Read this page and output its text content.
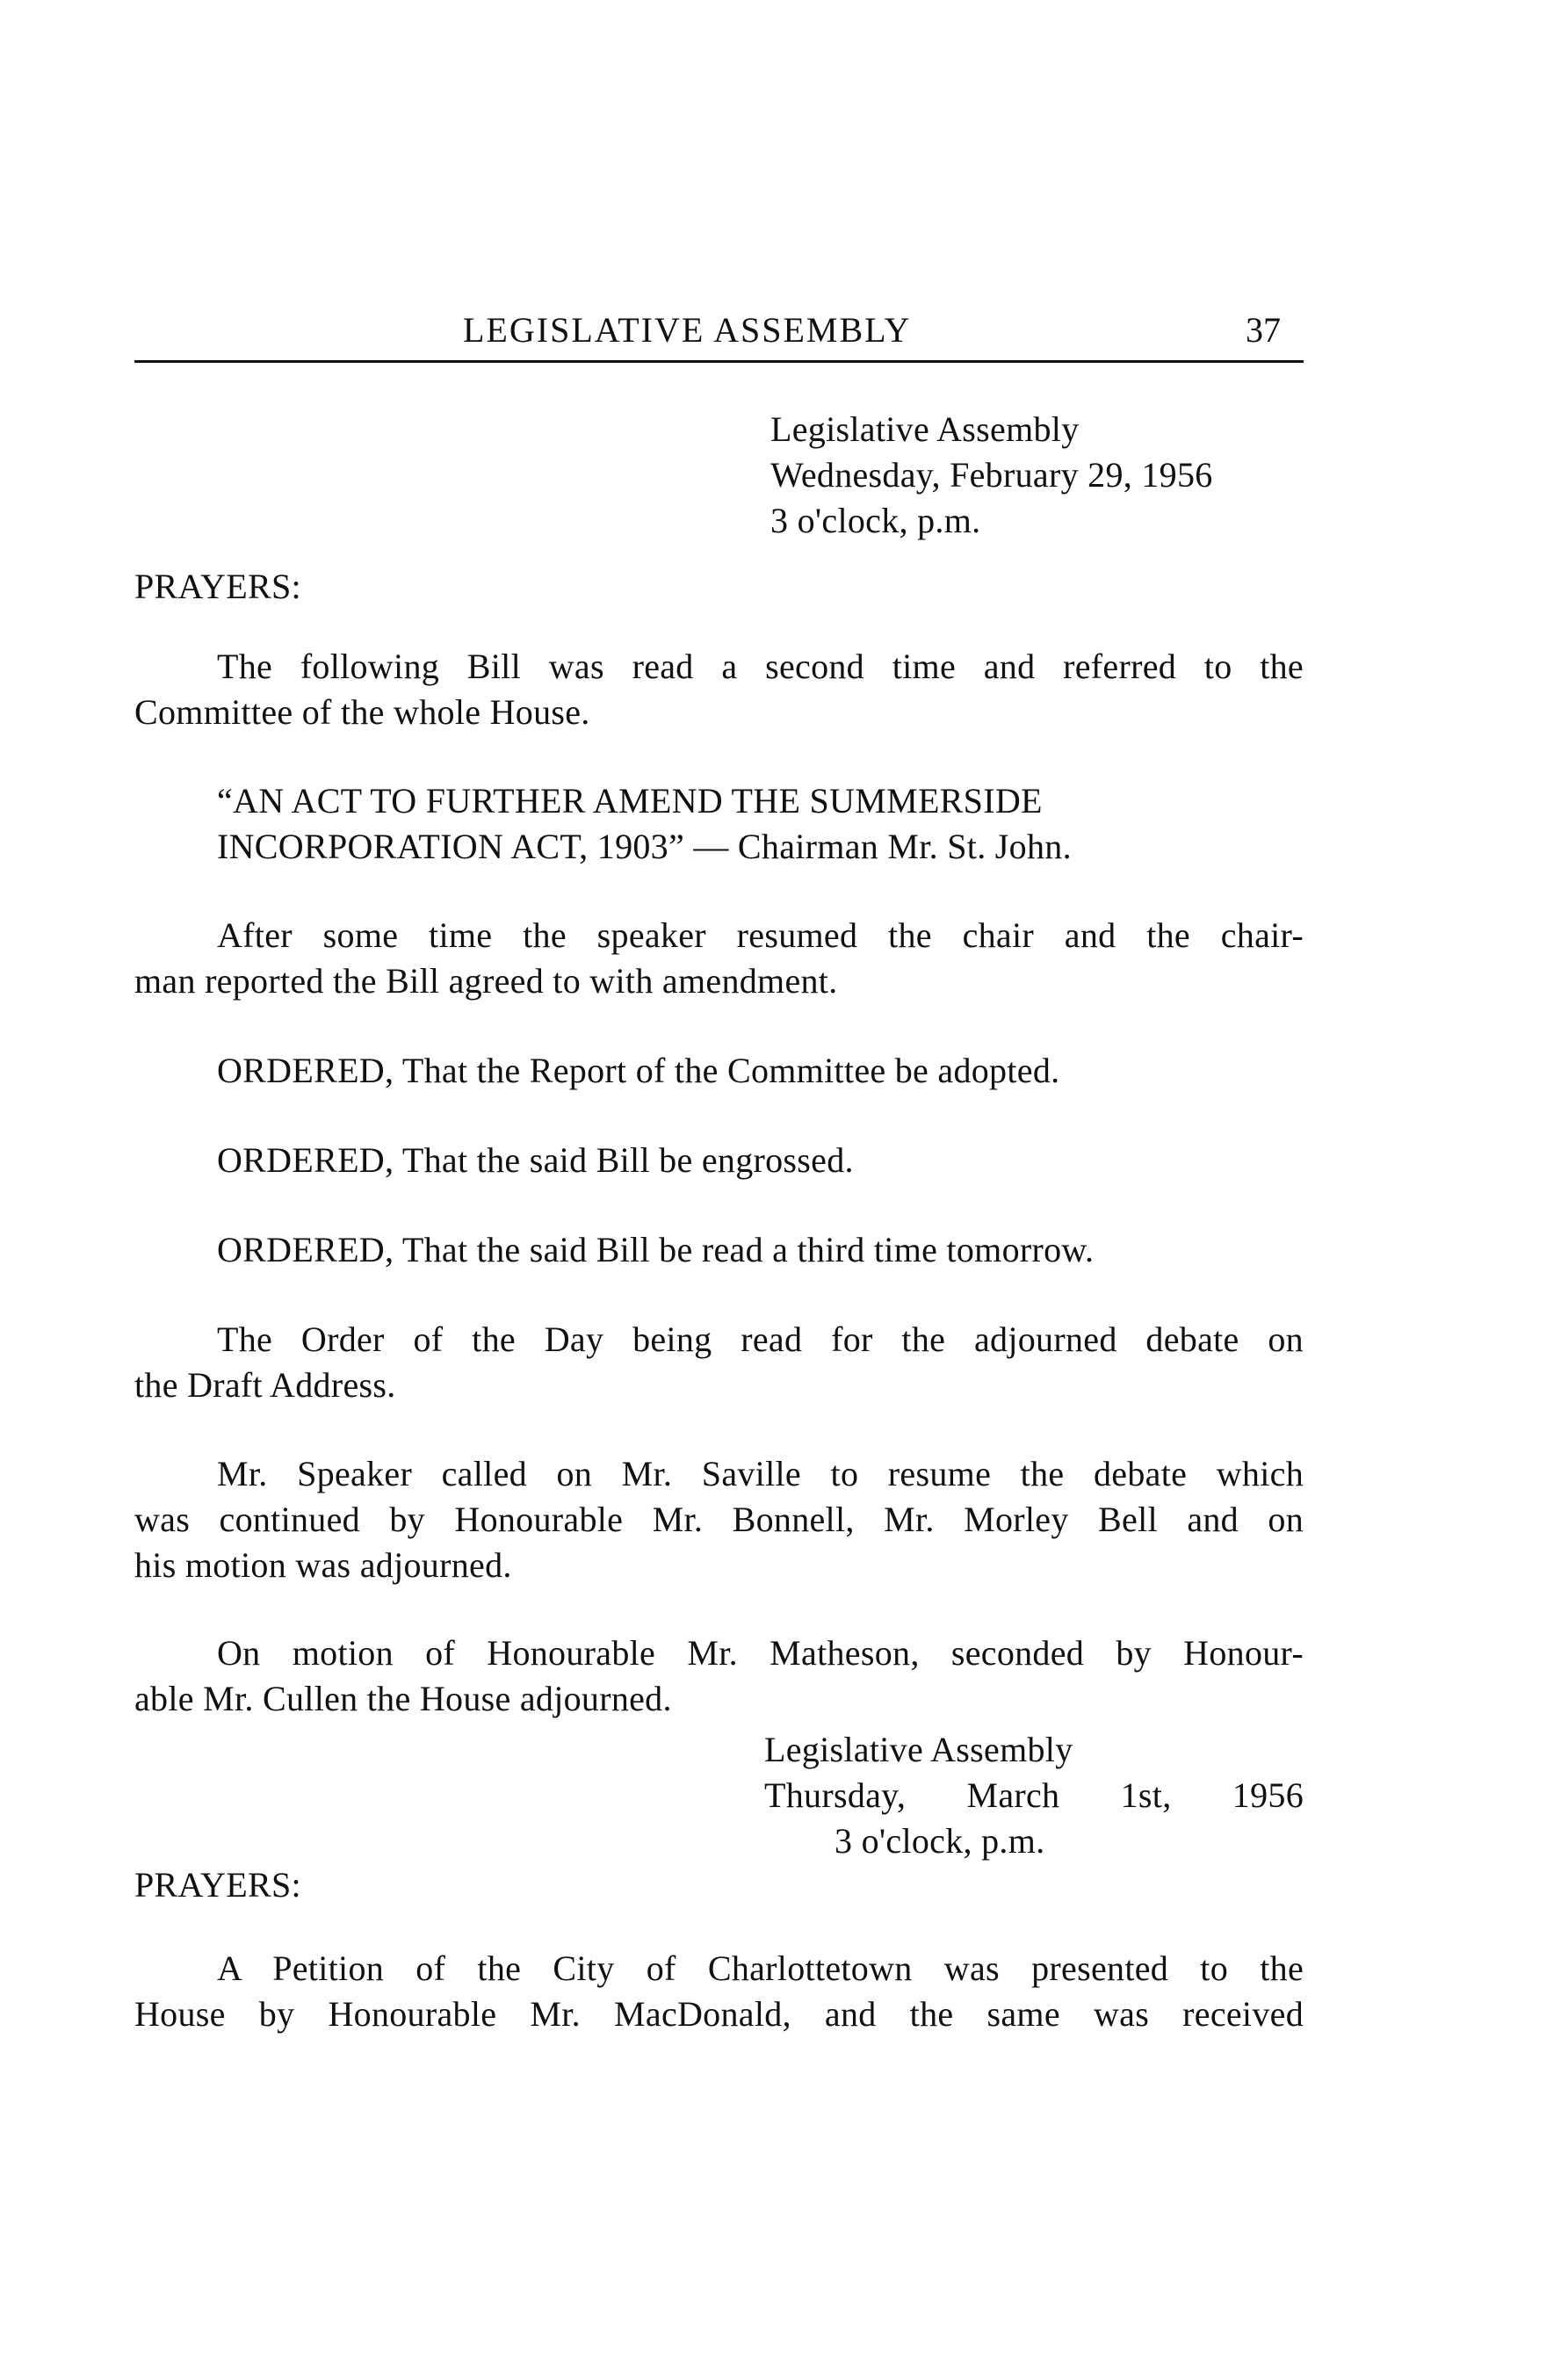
LEGISLATIVE ASSEMBLY	37
Legislative Assembly
Wednesday, February 29, 1956
3 o'clock, p.m.
PRAYERS:
The following Bill was read a second time and referred to the
Committee of the whole House.
“AN ACT TO FURTHER AMEND THE SUMMERSIDE
INCORPORATION ACT, 1903” — Chairman Mr. St. John.
After some time the speaker resumed the chair and the chair-
man reported the Bill agreed to with amendment.
ORDERED, That the Report of the Committee be adopted.
ORDERED, That the said Bill be engrossed.
ORDERED, That the said Bill be read a third time tomorrow.
The Order of the Day being read for the adjourned debate on
the Draft Address.
Mr. Speaker called on Mr. Saville to resume the debate which
was continued by Honourable Mr. Bonnell, Mr. Morley Bell and on
his motion was adjourned.
On motion of Honourable Mr. Matheson, seconded by Honour-
able Mr. Cullen the House adjourned.
Legislative Assembly
Thursday,  March  1st,  1956
3 o'clock, p.m.
PRAYERS:
A Petition of the City of Charlottetown was presented to the
House by Honourable Mr. MacDonald, and the same was received
